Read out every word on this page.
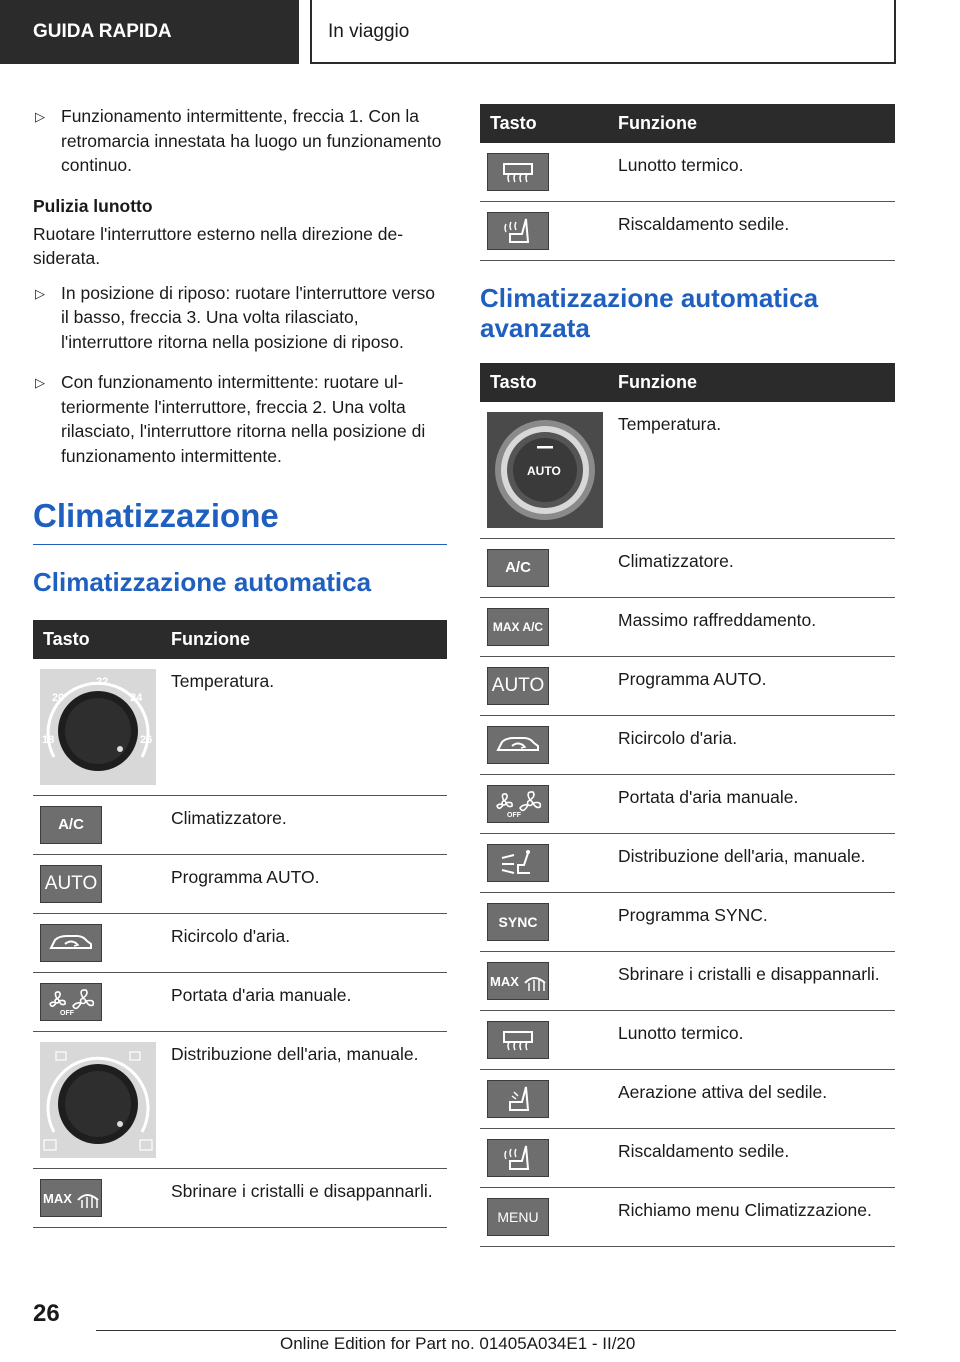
GUIDA RAPIDA	In viaggio
▷ Funzionamento intermittente, freccia 1. Con la retromarcia innestata ha luogo un funzionamento continuo.
Pulizia lunotto
Ruotare l'interruttore esterno nella direzione desiderata.
▷ In posizione di riposo: ruotare l'interruttore verso il basso, freccia 3. Una volta rilasciato, l'interruttore ritorna nella posizione di riposo.
▷ Con funzionamento intermittente: ruotare ulteriormente l'interruttore, freccia 2. Una volta rilasciato, l'interruttore ritorna nella posizione di funzionamento intermittente.
Climatizzazione
Climatizzazione automatica
Tasto	Funzione

22
20 24
18 26	Temperatura.

A/C	Climatizzatore.

AUTO	Programma AUTO.

	Ricircolo d'aria.

OFF	Portata d'aria manuale.

	Distribuzione dell'aria, manuale.

MAX	Sbrinare i cristalli e disappannarli.
Tasto	Funzione

	Lunotto termico.

	Riscaldamento sedile.
Climatizzazione automatica avanzata
Tasto	Funzione

AUTO	Temperatura.

A/C	Climatizzatore.

MAX A/C	Massimo raffreddamento.

AUTO	Programma AUTO.

	Ricircolo d'aria.

OFF	Portata d'aria manuale.

	Distribuzione dell'aria, manuale.

SYNC	Programma SYNC.

MAX	Sbrinare i cristalli e disappannarli.

	Lunotto termico.

	Aerazione attiva del sedile.

	Riscaldamento sedile.

MENU	Richiamo menu Climatizzazione.
26
Online Edition for Part no. 01405A034E1 - II/20
